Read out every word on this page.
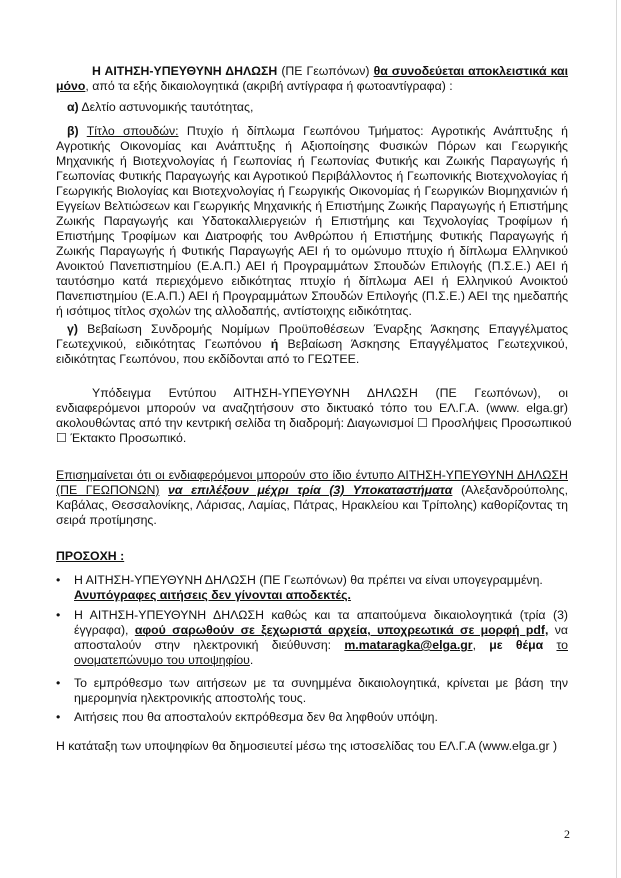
Η ΑΙΤΗΣΗ-ΥΠΕΥΘΥΝΗ ΔΗΛΩΣΗ (ΠΕ Γεωπόνων) θα συνοδεύεται αποκλειστικά και
μόνο, από τα εξής δικαιολογητικά (ακριβή αντίγραφα ή φωτοαντίγραφα) :
α) Δελτίο αστυνομικής ταυτότητας,
β) Τίτλο σπουδών: Πτυχίο ή δίπλωμα Γεωπόνου Τμήματος: Αγροτικής Ανάπτυξης ή
Αγροτικής Οικονομίας και Ανάπτυξης ή Αξιοποίησης Φυσικών Πόρων και Γεωργικής
Μηχανικής ή Βιοτεχνολογίας ή Γεωπονίας ή Γεωπονίας Φυτικής και Ζωικής Παραγωγής ή
Γεωπονίας Φυτικής Παραγωγής και Αγροτικού Περιβάλλοντος ή Γεωπονικής Βιοτεχνολογίας ή
Γεωργικής Βιολογίας και Βιοτεχνολογίας ή Γεωργικής Οικονομίας ή Γεωργικών Βιομηχανιών ή
Εγγείων Βελτιώσεων και Γεωργικής Μηχανικής ή Επιστήμης Ζωικής Παραγωγής ή Επιστήμης
Ζωικής Παραγωγής και Υδατοκαλλιεργειών ή Επιστήμης και Τεχνολογίας Τροφίμων ή
Επιστήμης Τροφίμων και Διατροφής του Ανθρώπου ή Επιστήμης Φυτικής Παραγωγής ή
Ζωικής Παραγωγής ή Φυτικής Παραγωγής ΑΕΙ ή το ομώνυμο πτυχίο ή δίπλωμα Ελληνικού
Ανοικτού Πανεπιστημίου (Ε.Α.Π.) ΑΕΙ ή Προγραμμάτων Σπουδών Επιλογής (Π.Σ.Ε.) ΑΕΙ ή
ταυτόσημο κατά περιεχόμενο ειδικότητας πτυχίο ή δίπλωμα ΑΕΙ ή Ελληνικού Ανοικτού
Πανεπιστημίου (Ε.Α.Π.) ΑΕΙ ή Προγραμμάτων Σπουδών Επιλογής (Π.Σ.Ε.) ΑΕΙ της ημεδαπής
ή ισότιμος τίτλος σχολών της αλλοδαπής, αντίστοιχης ειδικότητας.
γ) Βεβαίωση Συνδρομής Νομίμων Προϋποθέσεων Έναρξης Άσκησης Επαγγέλματος
Γεωτεχνικού, ειδικότητας Γεωπόνου ή Βεβαίωση Άσκησης Επαγγέλματος Γεωτεχνικού,
ειδικότητας Γεωπόνου, που εκδίδονται από το ΓΕΩΤΕΕ.
Υπόδειγμα Εντύπου ΑΙΤΗΣΗ-ΥΠΕΥΘΥΝΗ ΔΗΛΩΣΗ (ΠΕ Γεωπόνων), οι
ενδιαφερόμενοι μπορούν να αναζητήσουν στο δικτυακό τόπο του ΕΛ.Γ.Α. (www. elga.gr)
ακολουθώντας από την κεντρική σελίδα τη διαδρομή: Διαγωνισμοί ☐ Προσλήψεις Προσωπικού
☐ Έκτακτο Προσωπικό.
Επισημαίνεται ότι οι ενδιαφερόμενοι μπορούν στο ίδιο έντυπο ΑΙΤΗΣΗ-ΥΠΕΥΘΥΝΗ ΔΗΛΩΣΗ
(ΠΕ ΓΕΩΠΟΝΩΝ) να επιλέξουν μέχρι τρία (3) Υποκαταστήματα (Αλεξανδρούπολης,
Καβάλας, Θεσσαλονίκης, Λάρισας, Λαμίας, Πάτρας, Ηρακλείου και Τρίπολης) καθορίζοντας τη
σειρά προτίμησης.
ΠΡΟΣΟΧΗ :
•	Η ΑΙΤΗΣΗ-ΥΠΕΥΘΥΝΗ ΔΗΛΩΣΗ (ΠΕ Γεωπόνων) θα πρέπει να είναι υπογεγραμμένη.
Ανυπόγραφες αιτήσεις δεν γίνονται αποδεκτές.
•	Η ΑΙΤΗΣΗ-ΥΠΕΥΘΥΝΗ ΔΗΛΩΣΗ καθώς και τα απαιτούμενα δικαιολογητικά (τρία (3)
έγγραφα), αφού σαρωθούν σε ξεχωριστά αρχεία, υποχρεωτικά σε μορφή pdf, να
αποσταλούν στην ηλεκτρονική διεύθυνση: m.mataragka@elga.gr, με θέμα το
ονοματεπώνυμο του υποψηφίου.
•	Το εμπρόθεσμο των αιτήσεων με τα συνημμένα δικαιολογητικά, κρίνεται με βάση την
ημερομηνία ηλεκτρονικής αποστολής τους.
•	Αιτήσεις που θα αποσταλούν εκπρόθεσμα δεν θα ληφθούν υπόψη.
Η κατάταξη των υποψηφίων θα δημοσιευτεί μέσω της ιστοσελίδας του ΕΛ.Γ.Α (www.elga.gr )
2
